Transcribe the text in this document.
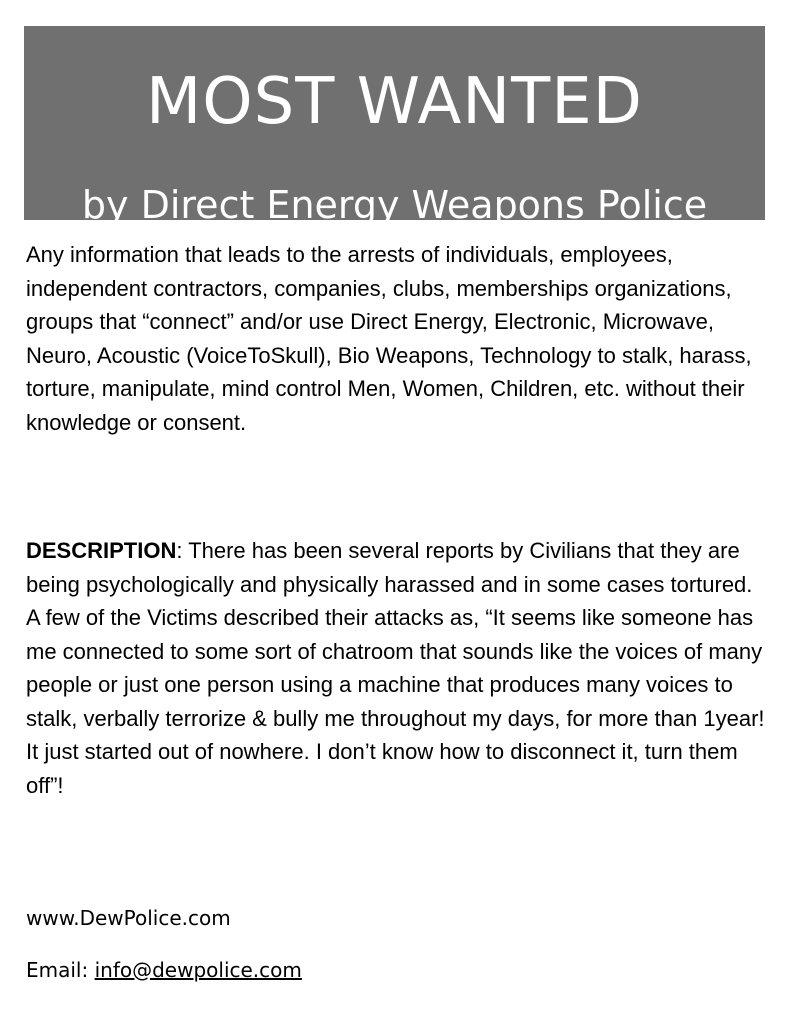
MOST WANTED

by Direct Energy Weapons Police

Any information that leads to the arrests of individuals, employees, independent contractors, companies, clubs, memberships organizations, groups that “connect” and/or use Direct Energy, Electronic, Microwave, Neuro, Acoustic (VoiceToSkull), Bio Weapons, Technology to stalk, harass, torture, manipulate, mind control Men, Women, Children, etc. without their knowledge or consent.

DESCRIPTION: There has been several reports by Civilians that they are being psychologically and physically harassed and in some cases tortured. A few of the Victims described their attacks as, “It seems like someone has me connected to some sort of chatroom that sounds like the voices of many people or just one person using a machine that produces many voices to stalk, verbally terrorize & bully me throughout my days, for more than 1year! It just started out of nowhere. I don’t know how to disconnect it, turn them off”!

www.DewPolice.com
Email: info@dewpolice.com
